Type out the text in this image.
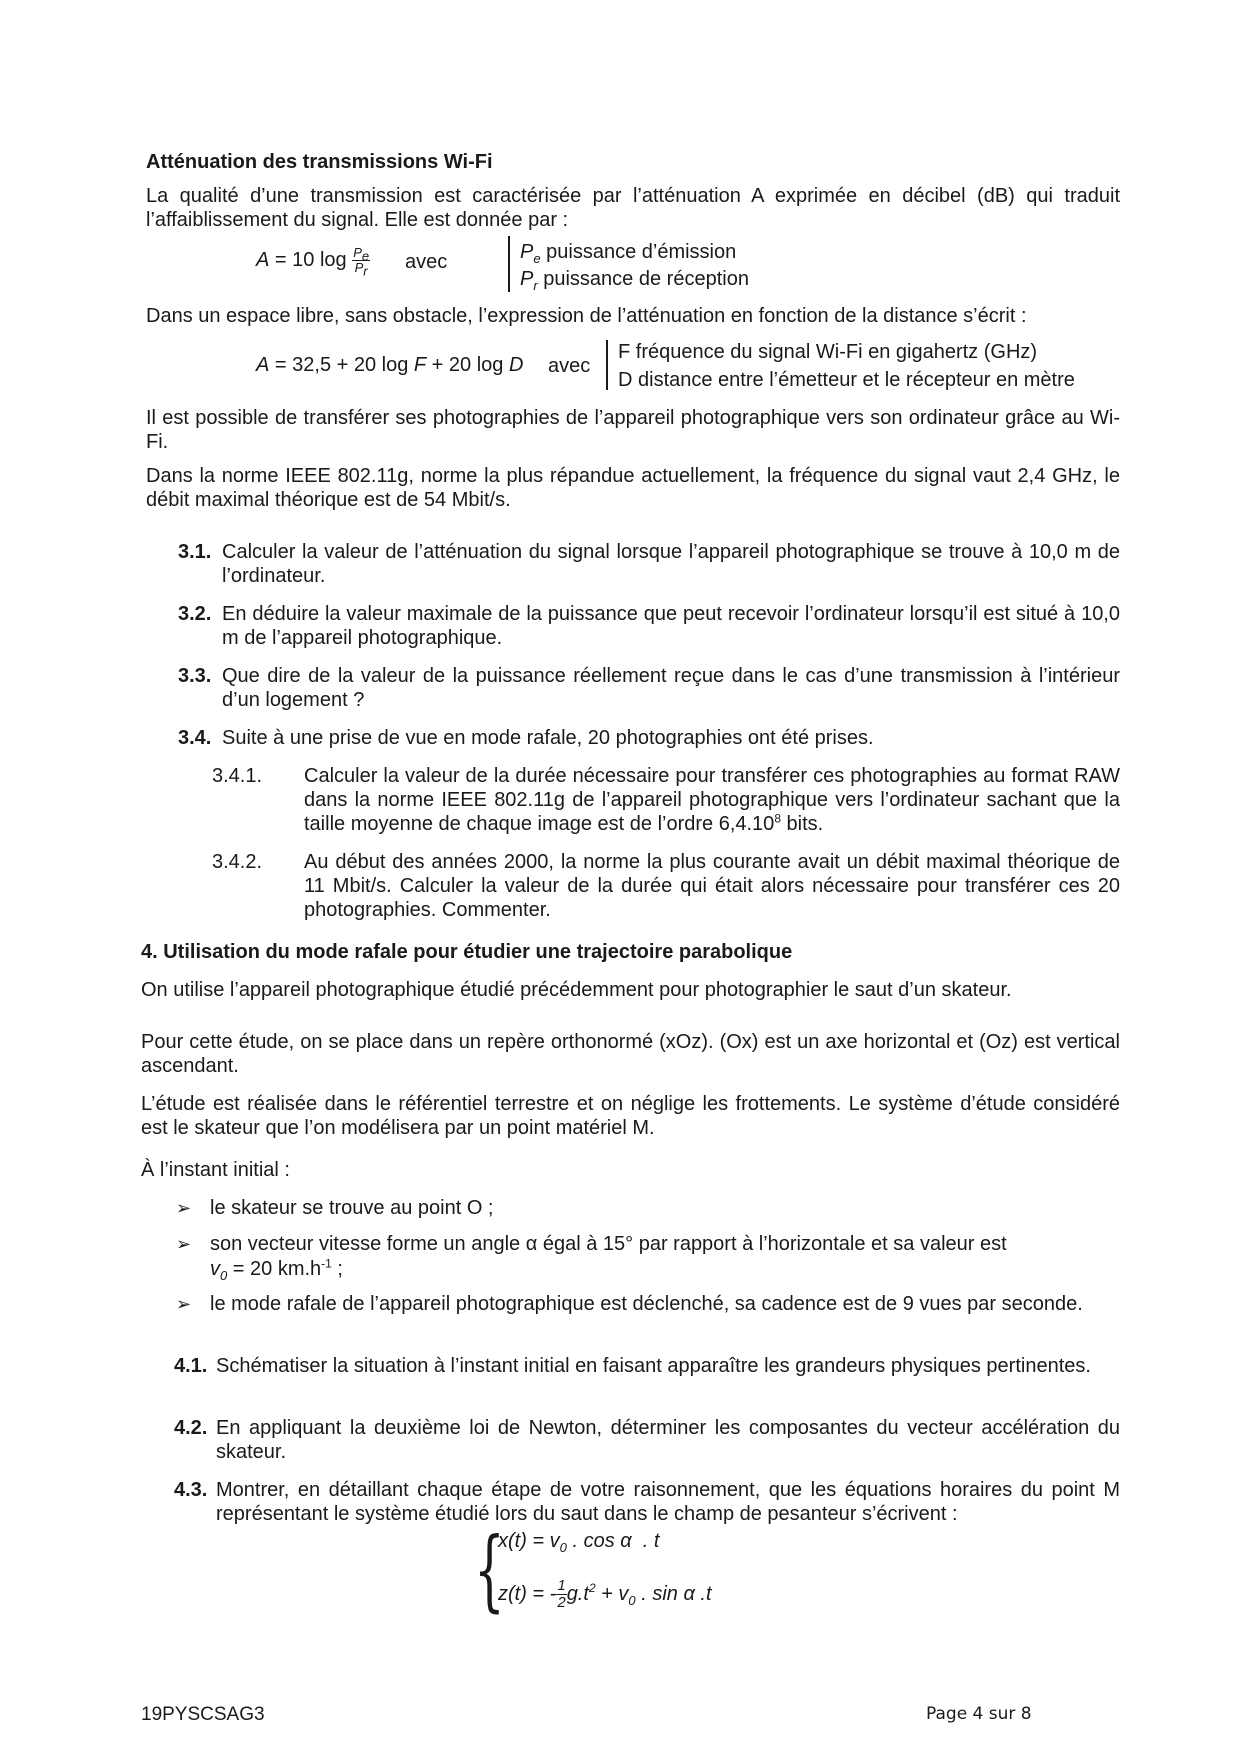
Atténuation des transmissions Wi-Fi
La qualité d’une transmission est caractérisée par l’atténuation A exprimée en décibel (dB) qui traduit l’affaiblissement du signal. Elle est donnée par :
A = 10 $\log \frac{P_e}{P_r}$ avec	$P_e$ puissance d’émission
$P_r$ puissance de réception
Dans un espace libre, sans obstacle, l’expression de l’atténuation en fonction de la distance s’écrit :
A = 32,5 + 20 log F + 20 log D avec
F fréquence du signal Wi-Fi en gigahertz (GHz)
D distance entre l’émetteur et le récepteur en mètre
Il est possible de transférer ses photographies de l’appareil photographique vers son ordinateur grâce au Wi-Fi.
Dans la norme IEEE 802.11g, norme la plus répandue actuellement, la fréquence du signal vaut 2,4 GHz, le débit maximal théorique est de 54 Mbit/s.
3.1. Calculer la valeur de l’atténuation du signal lorsque l’appareil photographique se trouve à 10,0 m de l’ordinateur.
3.2. En déduire la valeur maximale de la puissance que peut recevoir l’ordinateur lorsqu’il est situé à 10,0 m de l’appareil photographique.
3.3. Que dire de la valeur de la puissance réellement reçue dans le cas d’une transmission à l’intérieur d’un logement ?
3.4. Suite à une prise de vue en mode rafale, 20 photographies ont été prises.
3.4.1. Calculer la valeur de la durée nécessaire pour transférer ces photographies au format RAW dans la norme IEEE 802.11g de l’appareil photographique vers l’ordinateur sachant que la taille moyenne de chaque image est de l’ordre 6,4.10$^8$ bits.
3.4.2. Au début des années 2000, la norme la plus courante avait un débit maximal théorique de 11 Mbit/s. Calculer la valeur de la durée qui était alors nécessaire pour transférer ces 20 photographies. Commenter.
4. Utilisation du mode rafale pour étudier une trajectoire parabolique
On utilise l’appareil photographique étudié précédemment pour photographier le saut d’un skateur.
Pour cette étude, on se place dans un repère orthonormé (xOz). (Ox) est un axe horizontal et (Oz) est vertical ascendant.
L’étude est réalisée dans le référentiel terrestre et on néglige les frottements. Le système d’étude considéré est le skateur que l’on modélisera par un point matériel M.
À l’instant initial :
➢ le skateur se trouve au point O ;
➢ son vecteur vitesse forme un angle α égal à 15° par rapport à l’horizontale et sa valeur est
$v_0 = 20$ $km.h^{-1}$ ;
➢ le mode rafale de l’appareil photographique est déclenché, sa cadence est de 9 vues par seconde.
4.1. Schématiser la situation à l’instant initial en faisant apparaître les grandeurs physiques pertinentes.
4.2. En appliquant la deuxième loi de Newton, déterminer les composantes du vecteur accélération du skateur.
4.3. Montrer, en détaillant chaque étape de votre raisonnement, que les équations horaires du point M représentant le système étudié lors du saut dans le champ de pesanteur s’écrivent :
{
$x(t) = v_0$ . cos α  . t
z(t) = - $\frac{1}{2} g.t^2 + v_0$ . sin α .t
19PYSCSAG3	Page 4 sur 8
